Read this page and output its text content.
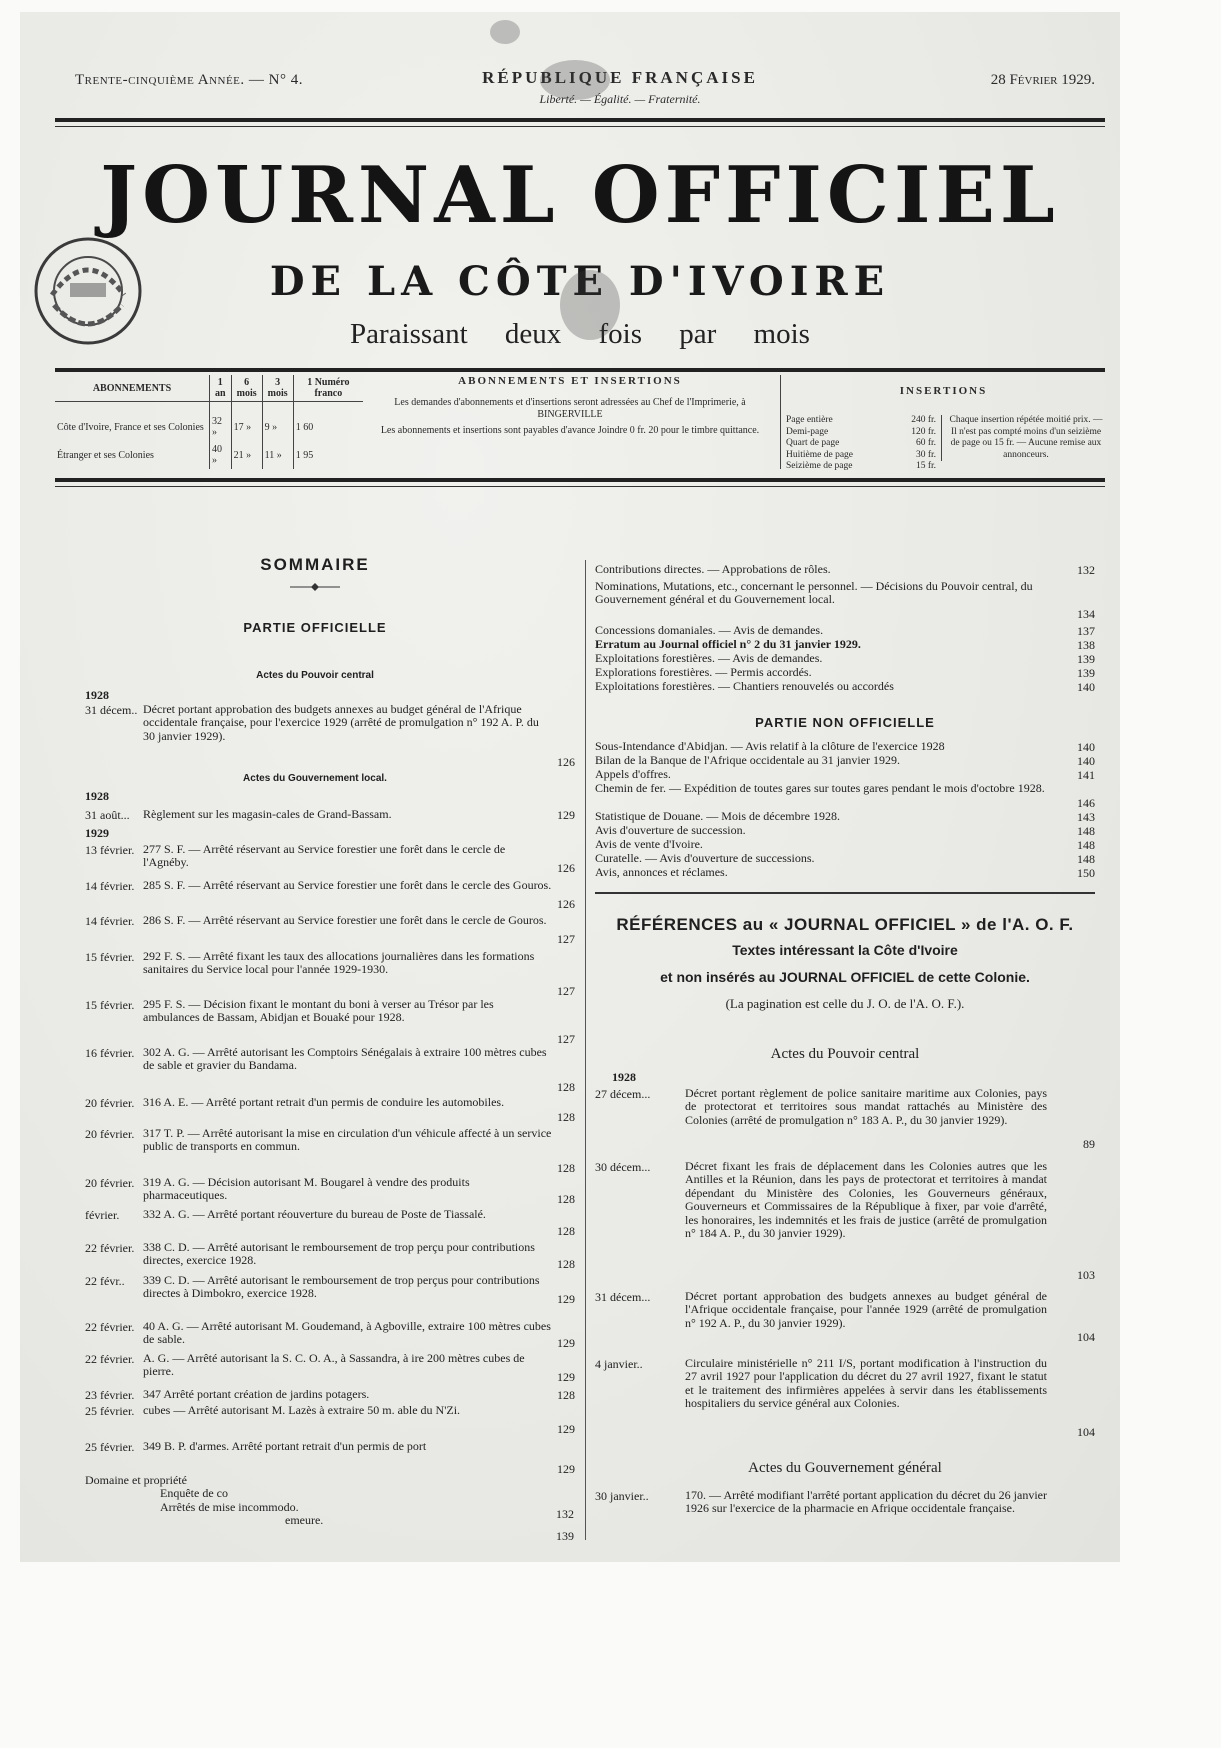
Trente-cinquième Année. — N° 4.	RÉPUBLIQUE FRANÇAISE
Liberté. — Égalité. — Fraternité.
28 Février 1929.
JOURNAL OFFICIEL
DE LA CÔTE D'IVOIRE
Paraissant deux fois par mois
ABONNEMENTS	1 an	6 mois	3 mois	1 Numéro franco
Côte d'Ivoire, France et ses Colonies	32 »	17 »	9 »	1 60
Étranger et ses Colonies	40 »	21 »	11 »	1 95
ABONNEMENTS ET INSERTIONS

Les demandes d'abonnements et d'insertions seront adressées au Chef de l'Imprimerie, à BINGERVILLE

Les abonnements et insertions sont payables d'avance Joindre 0 fr. 20 pour le timbre quittance.

INSERTIONS
Page entière	240 fr.
Demi-page	120 fr.
Quart de page	60 fr.
Huitième de page	30 fr.
Seizième de page	15 fr.
Chaque insertion répétée moitié prix. — Il n'est pas compté moins d'un seizième de page ou 15 fr. — Aucune remise aux annonceurs.
SOMMAIRE
PARTIE OFFICIELLE
Actes du Pouvoir central
1928
31 décem.. Décret portant approbation des budgets annexes au budget général de l'Afrique occidentale française, pour l'exercice 1929 (arrêté de promulgation n° 192 A. P. du 30 janvier 1929).
126
Actes du Gouvernement local.
1928
31 août...	Règlement sur les magasin-cales de Grand-Bassam.	129
1929
13 février. 277 S. F. — Arrêté réservant au Service forestier une forêt dans le cercle de l'Agnéby.	126
14 février. 285 S. F. — Arrêté réservant au Service forestier une forêt dans le cercle des Gouros.
126
14 février. 286 S. F. — Arrêté réservant au Service forestier une forêt dans le cercle de Gouros.
127
15 février. 292 F. S. — Arrêté fixant les taux des allocations journalières dans les formations sanitaires du Service local pour l'année 1929-1930.
127
15 février. 295 F. S. — Décision fixant le montant du boni à verser au Trésor par les ambulances de Bassam, Abidjan et Bouaké pour 1928.
127
16 février. 302 A. G. — Arrêté autorisant les Comptoirs Sénégalais à extraire 100 mètres cubes de sable et gravier du Bandama.
128
20 février. 316 A. E. — Arrêté portant retrait d'un permis de conduire les automobiles.
128
20 février. 317 T. P. — Arrêté autorisant la mise en circulation d'un véhicule affecté à un service public de transports en commun.
128
20 février. 319 A. G. — Décision autorisant M. Bougarel à vendre des produits pharmaceutiques.	128
février.	332 A. G. — Arrêté portant réouverture du bureau de Poste de Tiassalé.
128
22 février. 338 C. D. — Arrêté autorisant le remboursement de trop perçu pour contributions directes, exercice 1928.	128
22 févr..	339 C. D. — Arrêté autorisant le remboursement de trop perçus pour contributions directes à Dimbokro, exercice 1928.	129
22 février. 40 A. G. — Arrêté autorisant M. Goudemand, à Agboville, extraire 100 mètres cubes de sable.	129
22 février. A. G. — Arrêté autorisant la S. C. O. A., à Sassandra, à ire 200 mètres cubes de pierre.	129
23 février. 347 Arrêté portant création de jardins potagers.	128
25 février. cubes — Arrêté autorisant M. Lazès à extraire 50 m. able du N'Zi.
129
25 février. 349 B. P. d'armes. Arrêté portant retrait d'un permis de port
129
Domaine et propriété
Enquête de co
Arrêtés de mise incommodo.
emeure.	132
139
Contributions directes. — Approbations de rôles.	132
Nominations, Mutations, etc., concernant le personnel. — Décisions du Pouvoir central, du Gouvernement général et du Gouvernement local.
134
Concessions domaniales. — Avis de demandes.	137
Erratum au Journal officiel n° 2 du 31 janvier 1929.	138
Exploitations forestières. — Avis de demandes.	139
Explorations forestières. — Permis accordés.	139
Exploitations forestières. — Chantiers renouvelés ou accordés	140
PARTIE NON OFFICIELLE
Sous-Intendance d'Abidjan. — Avis relatif à la clôture de l'exercice 1928	140
Bilan de la Banque de l'Afrique occidentale au 31 janvier 1929.	140
Appels d'offres.	141
Chemin de fer. — Expédition de toutes gares sur toutes gares pendant le mois d'octobre 1928.
146
Statistique de Douane. — Mois de décembre 1928.	143
Avis d'ouverture de succession.	148
Avis de vente d'Ivoire.	148
Curatelle. — Avis d'ouverture de successions.	148
Avis, annonces et réclames.	150
RÉFÉRENCES au « JOURNAL OFFICIEL » de l'A. O. F.
Textes intéressant la Côte d'Ivoire
et non insérés au JOURNAL OFFICIEL de cette Colonie.
(La pagination est celle du J. O. de l'A. O. F.).
Actes du Pouvoir central
1928
27 décem...	Décret portant règlement de police sanitaire maritime aux Colonies, pays de protectorat et territoires sous mandat rattachés au Ministère des Colonies (arrêté de promulgation n° 183 A. P., du 30 janvier 1929).
89
30 décem...	Décret fixant les frais de déplacement dans les Colonies autres que les Antilles et la Réunion, dans les pays de protectorat et territoires à mandat dépendant du Ministère des Colonies, les Gouverneurs généraux, Gouverneurs et Commissaires de la République à fixer, par voie d'arrêté, les honoraires, les indemnités et les frais de justice (arrêté de promulgation n° 184 A. P., du 30 janvier 1929).
103
31 décem...	Décret portant approbation des budgets annexes au budget général de l'Afrique occidentale française, pour l'année 1929 (arrêté de promulgation n° 192 A. P., du 30 janvier 1929).
104
4 janvier..	Circulaire ministérielle n° 211 I/S, portant modification à l'instruction du 27 avril 1927 pour l'application du décret du 27 avril 1927, fixant le statut et le traitement des infirmières appelées à servir dans les établissements hospitaliers du service général aux Colonies.
104
Actes du Gouvernement général
30 janvier..	170. — Arrêté modifiant l'arrêté portant application du décret du 26 janvier 1926 sur l'exercice de la pharmacie en Afrique occidentale française.
